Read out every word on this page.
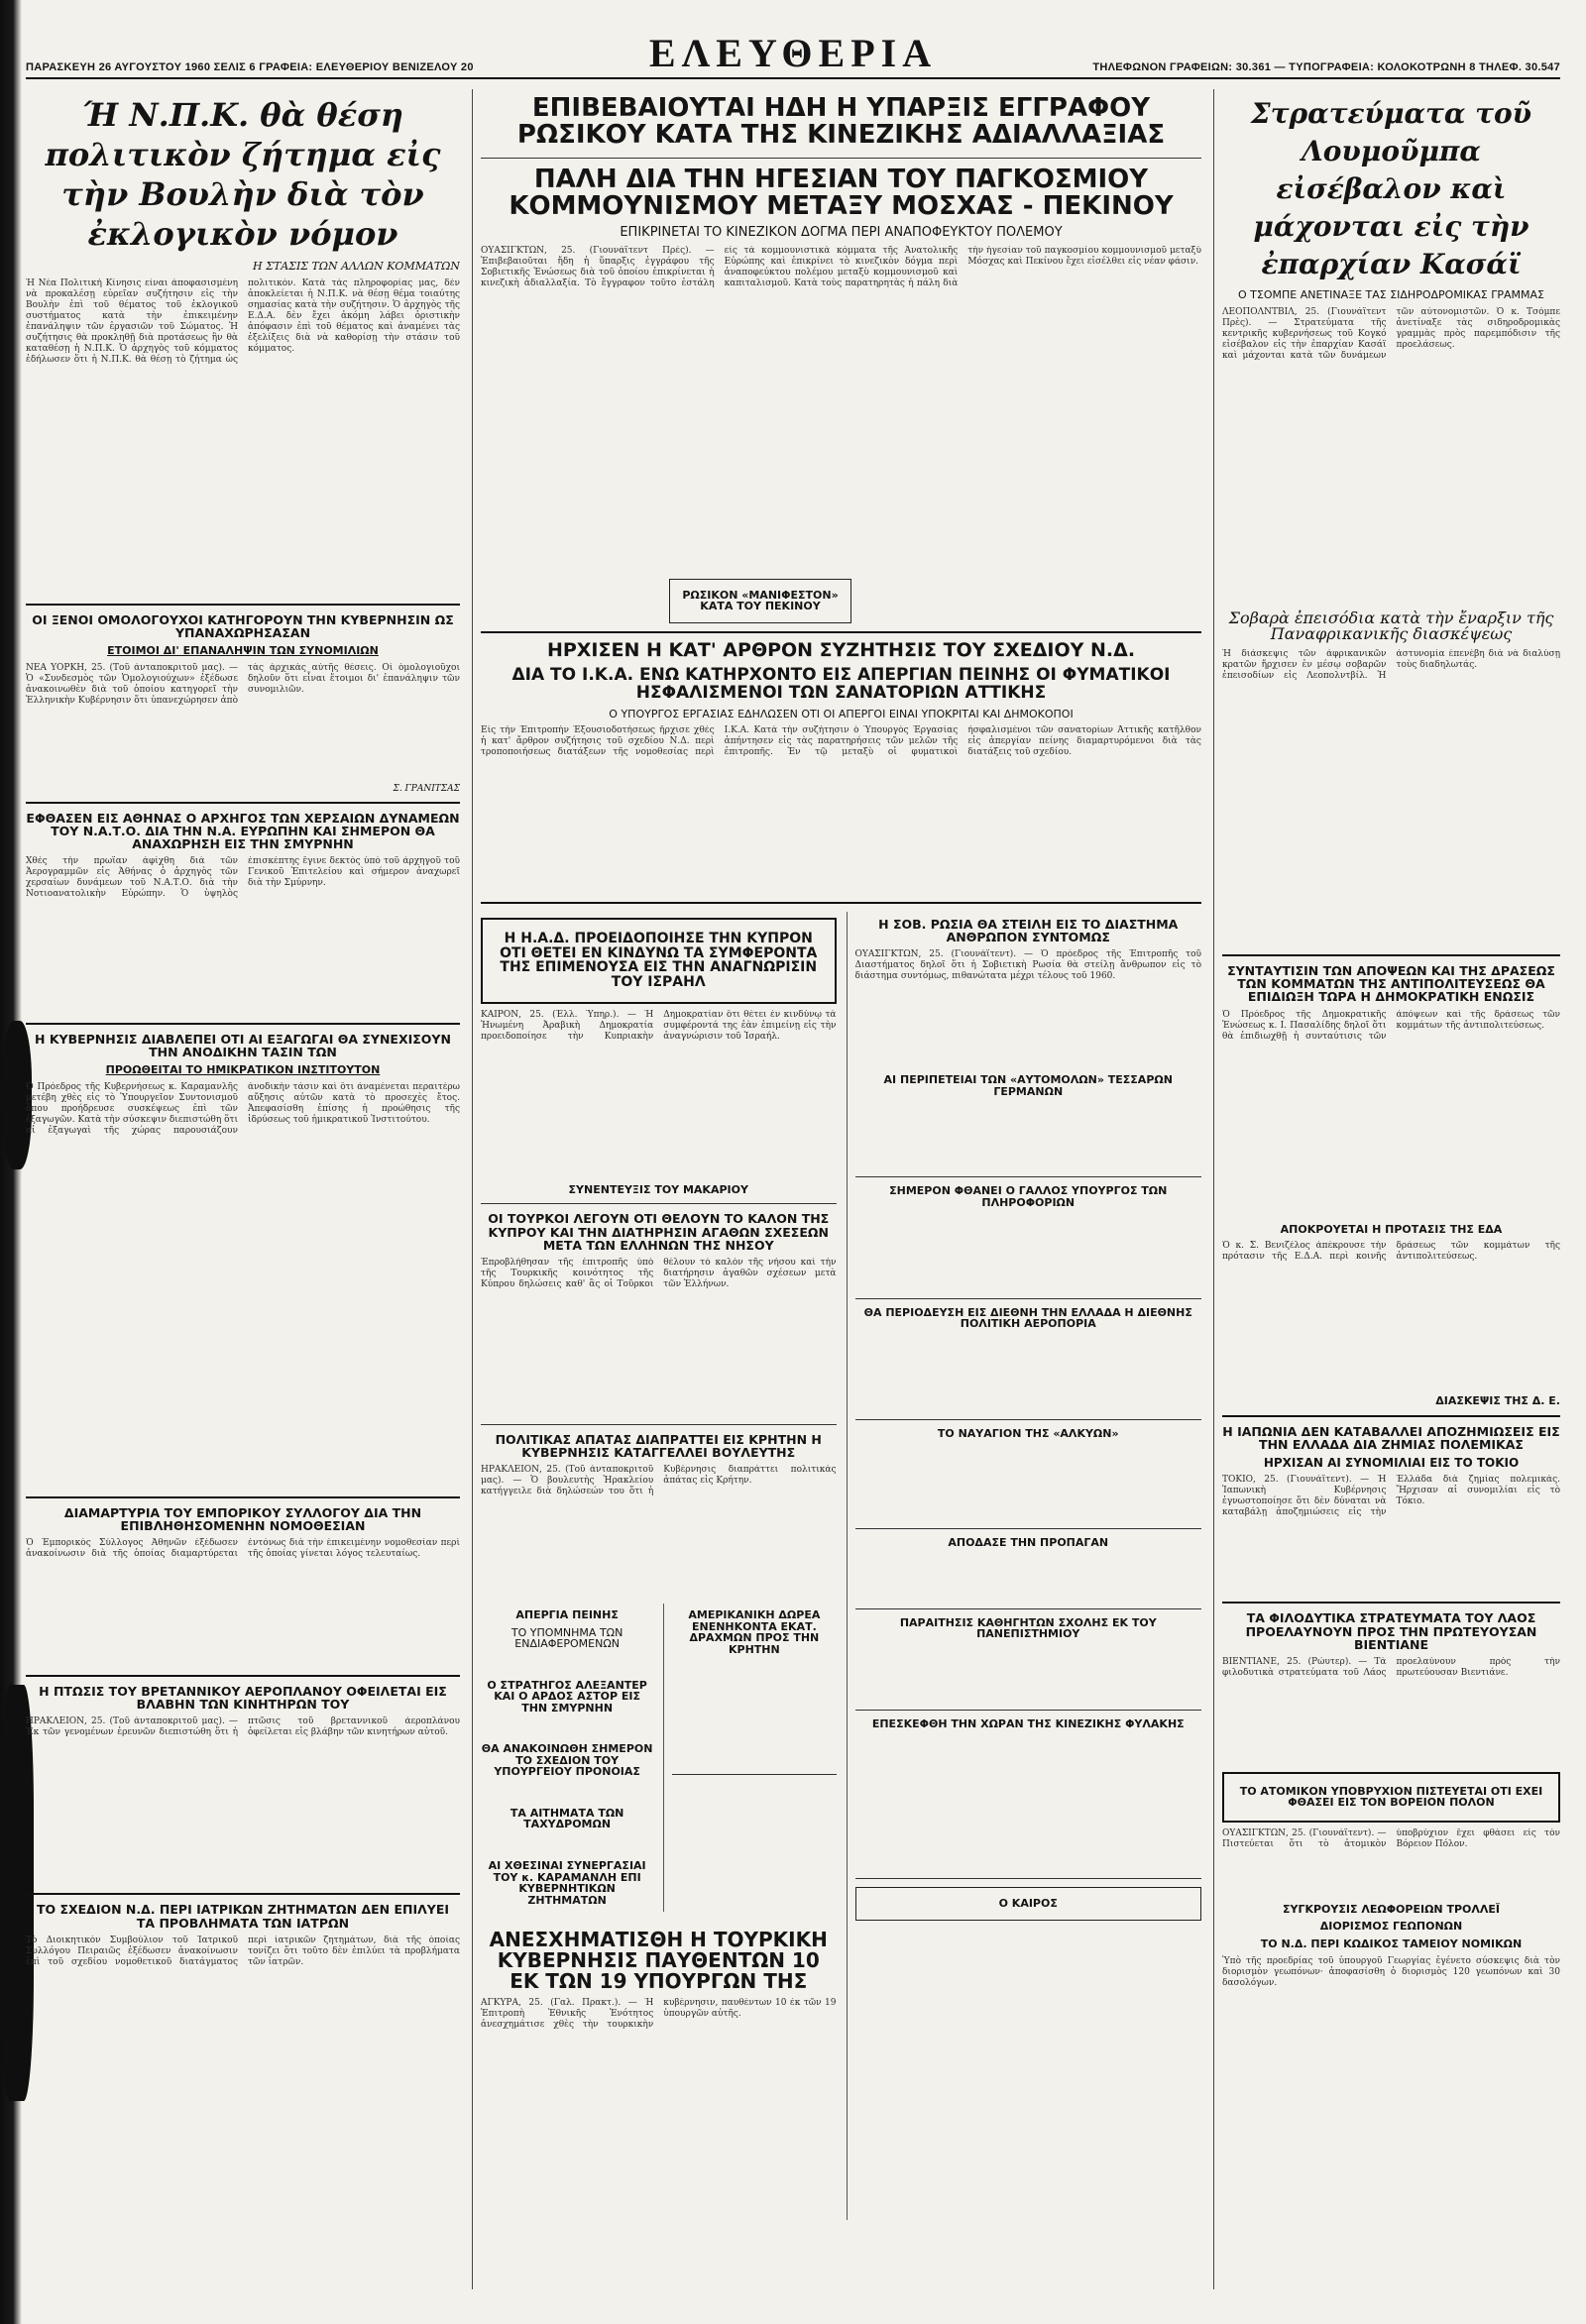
ΠΑΡΑΣΚΕΥΗ 26 ΑΥΓΟΥΣΤΟΥ 1960 ΣΕΛΙΣ 6 ΓΡΑΦΕΙΑ: ΕΛΕΥΘΕΡΙΟΥ ΒΕΝΙΖΕΛΟΥ 20	ΕΛΕΥΘΕΡΙΑ	ΤΗΛΕΦΩΝΟΝ ΓΡΑΦΕΙΩΝ: 30.361 — ΤΥΠΟΓΡΑΦΕΙΑ: ΚΟΛΟΚΟΤΡΩΝΗ 8 ΤΗΛΕΦ. 30.547
Ή Ν.Π.Κ. θὰ θέση πολιτικὸν ζήτημα εἰς τὴν Βουλὴν διὰ τὸν ἐκλογικὸν νόμον
Η ΣΤΑΣΙΣ ΤΩΝ ΑΛΛΩΝ ΚΟΜΜΑΤΩΝ
Ἡ Νέα Πολιτική Κίνησις εἶναι ἀποφασισμένη νὰ προκαλέσῃ εὑρεῖαν συζήτησιν εἰς τὴν Βουλὴν ἐπὶ τοῦ θέματος τοῦ ἐκλογικοῦ συστήματος κατὰ τὴν ἐπικειμένην ἐπανάληψιν τῶν ἐργασιῶν τοῦ Σώματος. Ἡ συζήτησις θὰ προκληθῇ διὰ προτάσεως ἣν θὰ καταθέσῃ ἡ Ν.Π.Κ. Ὁ ἀρχηγὸς τοῦ κόμματος ἐδήλωσεν ὅτι ἡ Ν.Π.Κ. θὰ θέσῃ τὸ ζήτημα ὡς πολιτικὸν. Κατὰ τὰς πληροφορίας μας, δὲν ἀποκλείεται ἡ Ν.Π.Κ. νὰ θέσῃ θέμα τοιαύτης σημασίας κατὰ τὴν συζήτησιν. Ὁ ἀρχηγὸς τῆς Ε.Δ.Α. δὲν ἔχει ἀκόμη λάβει ὁριστικὴν ἀπόφασιν ἐπὶ τοῦ θέματος καὶ ἀναμένει τὰς ἐξελίξεις διὰ νὰ καθορίσῃ τὴν στάσιν τοῦ κόμματος.
ΟΙ ΞΕΝΟΙ ΟΜΟΛΟΓΟΥΧΟΙ ΚΑΤΗΓΟΡΟΥΝ ΤΗΝ ΚΥΒΕΡΝΗΣΙΝ ΩΣ ΥΠΑΝΑΧΩΡΗΣΑΣΑΝ
ΕΤΟΙΜΟΙ ΔΙ' ΕΠΑΝΑΛΗΨΙΝ ΤΩΝ ΣΥΝΟΜΙΛΙΩΝ
ΝΕΑ ΥΟΡΚΗ, 25. (Τοῦ ἀνταποκριτοῦ μας). — Ὁ «Συνδεσμὸς τῶν Ὁμολογιούχων» ἐξέδωσε ἀνακοινωθὲν διὰ τοῦ ὁποίου κατηγορεῖ τὴν Ἑλληνικὴν Κυβέρνησιν ὅτι ὑπανεχώρησεν ἀπὸ τὰς ἀρχικὰς αὐτῆς θέσεις. Οἱ ὁμολογιοῦχοι δηλοῦν ὅτι εἶναι ἕτοιμοι δι' ἐπανάληψιν τῶν συνομιλιῶν.
Σ. ΓΡΑΝΙΤΣΑΣ
ΕΦΘΑΣΕΝ ΕΙΣ ΑΘΗΝΑΣ Ο ΑΡΧΗΓΟΣ ΤΩΝ ΧΕΡΣΑΙΩΝ ΔΥΝΑΜΕΩΝ ΤΟΥ Ν.Α.Τ.Ο. ΔΙΑ ΤΗΝ Ν.Α. ΕΥΡΩΠΗΝ ΚΑΙ ΣΗΜΕΡΟΝ ΘΑ ΑΝΑΧΩΡΗΣΗ ΕΙΣ ΤΗΝ ΣΜΥΡΝΗΝ
Χθὲς τὴν πρωΐαν ἀφίχθη διὰ τῶν Ἀερογραμμῶν εἰς Ἀθήνας ὁ ἀρχηγὸς τῶν χερσαίων δυνάμεων τοῦ Ν.Α.Τ.Ο. διὰ τὴν Νοτιοανατολικὴν Εὐρώπην. Ὁ ὑψηλὸς ἐπισκέπτης ἔγινε δεκτὸς ὑπὸ τοῦ ἀρχηγοῦ τοῦ Γενικοῦ Ἐπιτελείου καὶ σήμερον ἀναχωρεῖ διὰ τὴν Σμύρνην.
Η ΚΥΒΕΡΝΗΣΙΣ ΔΙΑΒΛΕΠΕΙ ΟΤΙ ΑΙ ΕΞΑΓΩΓΑΙ ΘΑ ΣΥΝΕΧΙΣΟΥΝ ΤΗΝ ΑΝΟΔΙΚΗΝ ΤΑΣΙΝ ΤΩΝ
ΠΡΟΩΘΕΙΤΑΙ ΤΟ ΗΜΙΚΡΑΤΙΚΟΝ ΙΝΣΤΙΤΟΥΤΟΝ
Ὁ Πρόεδρος τῆς Κυβερνήσεως κ. Καραμανλῆς μετέβη χθὲς εἰς τὸ Ὑπουργεῖον Συντονισμοῦ ὅπου προήδρευσε συσκέψεως ἐπὶ τῶν ἐξαγωγῶν. Κατὰ τὴν σύσκεψιν διεπιστώθη ὅτι αἱ ἐξαγωγαὶ τῆς χώρας παρουσιάζουν ἀνοδικὴν τάσιν καὶ ὅτι ἀναμένεται περαιτέρω αὔξησις αὐτῶν κατὰ τὸ προσεχὲς ἔτος. Ἀπεφασίσθη ἐπίσης ἡ προώθησις τῆς ἱδρύσεως τοῦ ἡμικρατικοῦ Ἰνστιτούτου.
ΔΙΑΜΑΡΤΥΡΙΑ ΤΟΥ ΕΜΠΟΡΙΚΟΥ ΣΥΛΛΟΓΟΥ ΔΙΑ ΤΗΝ ΕΠΙΒΛΗΘΗΣΟΜΕΝΗΝ ΝΟΜΟΘΕΣΙΑΝ
Ὁ Ἐμπορικὸς Σύλλογος Ἀθηνῶν ἐξέδωσεν ἀνακοίνωσιν διὰ τῆς ὁποίας διαμαρτύρεται ἐντόνως διὰ τὴν ἐπικειμένην νομοθεσίαν περὶ τῆς ὁποίας γίνεται λόγος τελευταίως.
Η ΠΤΩΣΙΣ ΤΟΥ ΒΡΕΤΑΝΝΙΚΟΥ ΑΕΡΟΠΛΑΝΟΥ ΟΦΕΙΛΕΤΑΙ ΕΙΣ ΒΛΑΒΗΝ ΤΩΝ ΚΙΝΗΤΗΡΩΝ ΤΟΥ
ΗΡΑΚΛΕΙΟΝ, 25. (Τοῦ ἀνταποκριτοῦ μας). — Ἐκ τῶν γενομένων ἐρευνῶν διεπιστώθη ὅτι ἡ πτῶσις τοῦ βρεταννικοῦ ἀεροπλάνου ὀφείλεται εἰς βλάβην τῶν κινητήρων αὐτοῦ.
ΤΟ ΣΧΕΔΙΟΝ Ν.Δ. ΠΕΡΙ ΙΑΤΡΙΚΩΝ ΖΗΤΗΜΑΤΩΝ ΔΕΝ ΕΠΙΛΥΕΙ ΤΑ ΠΡΟΒΛΗΜΑΤΑ ΤΩΝ ΙΑΤΡΩΝ
Τὸ Διοικητικὸν Συμβούλιον τοῦ Ἰατρικοῦ Συλλόγου Πειραιῶς ἐξέδωσεν ἀνακοίνωσιν ἐπὶ τοῦ σχεδίου νομοθετικοῦ διατάγματος περὶ ἰατρικῶν ζητημάτων, διὰ τῆς ὁποίας τονίζει ὅτι τοῦτο δὲν ἐπιλύει τὰ προβλήματα τῶν ἰατρῶν.
ΕΠΙΒΕΒΑΙΟΥΤΑΙ ΗΔΗ Η ΥΠΑΡΞΙΣ ΕΓΓΡΑΦΟΥ ΡΩΣΙΚΟΥ ΚΑΤΑ ΤΗΣ ΚΙΝΕΖΙΚΗΣ ΑΔΙΑΛΛΑΞΙΑΣ
ΠΑΛΗ ΔΙΑ ΤΗΝ ΗΓΕΣΙΑΝ ΤΟΥ ΠΑΓΚΟΣΜΙΟΥ ΚΟΜΜΟΥΝΙΣΜΟΥ ΜΕΤΑΞΥ ΜΟΣΧΑΣ - ΠΕΚΙΝΟΥ
ΕΠΙΚΡΙΝΕΤΑΙ ΤΟ ΚΙΝΕΖΙΚΟΝ ΔΟΓΜΑ ΠΕΡΙ ΑΝΑΠΟΦΕΥΚΤΟΥ ΠΟΛΕΜΟΥ
ΟΥΑΣΙΓΚΤΩΝ, 25. (Γιουνάϊτεντ Πρὲς). — Ἐπιβεβαιοῦται ἤδη ἡ ὕπαρξις ἐγγράφου τῆς Σοβιετικῆς Ἑνώσεως διὰ τοῦ ὁποίου ἐπικρίνεται ἡ κινεζικὴ ἀδιαλλαξία. Τὸ ἔγγραφον τοῦτο ἐστάλη εἰς τὰ κομμουνιστικὰ κόμματα τῆς Ἀνατολικῆς Εὐρώπης καὶ ἐπικρίνει τὸ κινεζικὸν δόγμα περὶ ἀναποφεύκτου πολέμου μεταξὺ κομμουνισμοῦ καὶ καπιταλισμοῦ. Κατὰ τοὺς παρατηρητὰς ἡ πάλη διὰ τὴν ἡγεσίαν τοῦ παγκοσμίου κομμουνισμοῦ μεταξὺ Μόσχας καὶ Πεκίνου ἔχει εἰσέλθει εἰς νέαν φάσιν.
ΡΩΣΙΚΟΝ «ΜΑΝΙΦΕΣΤΟΝ» ΚΑΤΑ ΤΟΥ ΠΕΚΙΝΟΥ
ΗΡΧΙΣΕΝ Η ΚΑΤ' ΑΡΘΡΟΝ ΣΥΖΗΤΗΣΙΣ ΤΟΥ ΣΧΕΔΙΟΥ Ν.Δ.
ΔΙΑ ΤΟ Ι.Κ.Α. ΕΝΩ ΚΑΤΗΡΧΟΝΤΟ ΕΙΣ ΑΠΕΡΓΙΑΝ ΠΕΙΝΗΣ ΟΙ ΦΥΜΑΤΙΚΟΙ ΗΣΦΑΛΙΣΜΕΝΟΙ ΤΩΝ ΣΑΝΑΤΟΡΙΩΝ ΑΤΤΙΚΗΣ
Ο ΥΠΟΥΡΓΟΣ ΕΡΓΑΣΙΑΣ ΕΔΗΛΩΣΕΝ ΟΤΙ ΟΙ ΑΠΕΡΓΟΙ ΕΙΝΑΙ ΥΠΟΚΡΙΤΑΙ ΚΑΙ ΔΗΜΟΚΟΠΟΙ
Εἰς τὴν Ἐπιτροπὴν Ἐξουσιοδοτήσεως ἤρχισε χθὲς ἡ κατ' ἄρθρον συζήτησις τοῦ σχεδίου Ν.Δ. περὶ τροποποιήσεως διατάξεων τῆς νομοθεσίας περὶ Ι.Κ.Α. Κατὰ τὴν συζήτησιν ὁ Ὑπουργὸς Ἐργασίας ἀπήντησεν εἰς τὰς παρατηρήσεις τῶν μελῶν τῆς ἐπιτροπῆς. Ἐν τῷ μεταξὺ οἱ φυματικοὶ ἠσφαλισμένοι τῶν σανατορίων Ἀττικῆς κατῆλθον εἰς ἀπεργίαν πείνης διαμαρτυρόμενοι διὰ τὰς διατάξεις τοῦ σχεδίου.
Η Η.Α.Δ. ΠΡΟΕΙΔΟΠΟΙΗΣΕ ΤΗΝ ΚΥΠΡΟΝ ΟΤΙ ΘΕΤΕΙ ΕΝ ΚΙΝΔΥΝΩ ΤΑ ΣΥΜΦΕΡΟΝΤΑ ΤΗΣ ΕΠΙΜΕΝΟΥΣΑ ΕΙΣ ΤΗΝ ΑΝΑΓΝΩΡΙΣΙΝ ΤΟΥ ΙΣΡΑΗΛ
ΚΑΪΡΟΝ, 25. (Ἑλλ. Ὑπηρ.). — Ἡ Ἡνωμένη Ἀραβικὴ Δημοκρατία προειδοποίησε τὴν Κυπριακὴν Δημοκρατίαν ὅτι θέτει ἐν κινδύνῳ τὰ συμφέροντά της ἐὰν ἐπιμείνῃ εἰς τὴν ἀναγνώρισιν τοῦ Ἰσραήλ.
ΣΥΝΕΝΤΕΥΞΙΣ ΤΟΥ ΜΑΚΑΡΙΟΥ
ΟΙ ΤΟΥΡΚΟΙ ΛΕΓΟΥΝ ΟΤΙ ΘΕΛΟΥΝ ΤΟ ΚΑΛΟΝ ΤΗΣ ΚΥΠΡΟΥ ΚΑΙ ΤΗΝ ΔΙΑΤΗΡΗΣΙΝ ΑΓΑΘΩΝ ΣΧΕΣΕΩΝ ΜΕΤΑ ΤΩΝ ΕΛΛΗΝΩΝ ΤΗΣ ΝΗΣΟΥ
Ἐπροβλήθησαν τῆς ἐπιτροπῆς ὑπὸ τῆς Τουρκικῆς κοινότητος τῆς Κύπρου δηλώσεις καθ' ἃς οἱ Τοῦρκοι θέλουν τὸ καλὸν τῆς νήσου καὶ τὴν διατήρησιν ἀγαθῶν σχέσεων μετὰ τῶν Ἑλλήνων.
ΠΟΛΙΤΙΚΑΣ ΑΠΑΤΑΣ ΔΙΑΠΡΑΤΤΕΙ ΕΙΣ ΚΡΗΤΗΝ Η ΚΥΒΕΡΝΗΣΙΣ ΚΑΤΑΓΓΕΛΛΕΙ ΒΟΥΛΕΥΤΗΣ
ΗΡΑΚΛΕΙΟΝ, 25. (Τοῦ ἀνταποκριτοῦ μας). — Ὁ βουλευτὴς Ἡρακλείου κατήγγειλε διὰ δηλώσεών του ὅτι ἡ Κυβέρνησις διαπράττει πολιτικὰς ἀπάτας εἰς Κρήτην.
ΑΠΕΡΓΙΑ ΠΕΙΝΗΣ
ΤΟ ΥΠΟΜΝΗΜΑ ΤΩΝ ΕΝΔΙΑΦΕΡΟΜΕΝΩΝ
Ο ΣΤΡΑΤΗΓΟΣ ΑΛΕΞΑΝΤΕΡ ΚΑΙ Ο ΑΡΔΟΣ ΑΣΤΟΡ ΕΙΣ ΤΗΝ ΣΜΥΡΝΗΝ
ΘΑ ΑΝΑΚΟΙΝΩΘΗ ΣΗΜΕΡΟΝ ΤΟ ΣΧΕΔΙΟΝ ΤΟΥ ΥΠΟΥΡΓΕΙΟΥ ΠΡΟΝΟΙΑΣ
ΤΑ ΑΙΤΗΜΑΤΑ ΤΩΝ ΤΑΧΥΔΡΟΜΩΝ
ΑΙ ΧΘΕΣΙΝΑΙ ΣΥΝΕΡΓΑΣΙΑΙ ΤΟΥ κ. ΚΑΡΑΜΑΝΛΗ ΕΠΙ ΚΥΒΕΡΝΗΤΙΚΩΝ ΖΗΤΗΜΑΤΩΝ
ΑΜΕΡΙΚΑΝΙΚΗ ΔΩΡΕΑ ΕΝΕΝΗΚΟΝΤΑ ΕΚΑΤ. ΔΡΑΧΜΩΝ ΠΡΟΣ ΤΗΝ ΚΡΗΤΗΝ
ΑΝΕΣΧΗΜΑΤΙΣΘΗ Η ΤΟΥΡΚΙΚΗ ΚΥΒΕΡΝΗΣΙΣ ΠΑΥΘΕΝΤΩΝ 10 ΕΚ ΤΩΝ 19 ΥΠΟΥΡΓΩΝ ΤΗΣ
ΑΓΚΥΡΑ, 25. (Γαλ. Πρακτ.). — Ἡ Ἐπιτροπὴ Ἐθνικῆς Ἑνότητος ἀνεσχημάτισε χθὲς τὴν τουρκικὴν κυβέρνησιν, παυθέντων 10 ἐκ τῶν 19 ὑπουργῶν αὐτῆς.
Η ΣΟΒ. ΡΩΣΙΑ ΘΑ ΣΤΕΙΛΗ ΕΙΣ ΤΟ ΔΙΑΣΤΗΜΑ ΑΝΘΡΩΠΟΝ ΣΥΝΤΟΜΩΣ
ΟΥΑΣΙΓΚΤΩΝ, 25. (Γιουνάϊτεντ). — Ὁ πρόεδρος τῆς Ἐπιτροπῆς τοῦ Διαστήματος δηλοῖ ὅτι ἡ Σοβιετικὴ Ρωσία θὰ στείλῃ ἄνθρωπον εἰς τὸ διάστημα συντόμως, πιθανώτατα μέχρι τέλους τοῦ 1960.
ΑΙ ΠΕΡΙΠΕΤΕΙΑΙ ΤΩΝ «ΑΥΤΟΜΟΛΩΝ» ΤΕΣΣΑΡΩΝ ΓΕΡΜΑΝΩΝ
ΣΗΜΕΡΟΝ ΦΘΑΝΕΙ Ο ΓΑΛΛΟΣ ΥΠΟΥΡΓΟΣ ΤΩΝ ΠΛΗΡΟΦΟΡΙΩΝ
ΘΑ ΠΕΡΙΟΔΕΥΣΗ ΕΙΣ ΔΙΕΘΝΗ ΤΗΝ ΕΛΛΑΔΑ Η ΔΙΕΘΝΗΣ ΠΟΛΙΤΙΚΗ ΑΕΡΟΠΟΡΙΑ
ΤΟ ΝΑΥΑΓΙΟΝ ΤΗΣ «ΑΛΚΥΩΝ»
ΑΠΟΔΑΣΕ ΤΗΝ ΠΡΟΠΑΓΑΝ
ΠΑΡΑΙΤΗΣΙΣ ΚΑΘΗΓΗΤΩΝ ΣΧΟΛΗΣ ΕΚ ΤΟΥ ΠΑΝΕΠΙΣΤΗΜΙΟΥ
ΕΠΕΣΚΕΦΘΗ ΤΗΝ ΧΩΡΑΝ ΤΗΣ ΚΙΝΕΖΙΚΗΣ ΦΥΛΑΚΗΣ
Ο ΚΑΙΡΟΣ
Στρατεύματα τοῦ Λουμοῦμπα εἰσέβαλον καὶ μάχονται εἰς τὴν ἐπαρχίαν Κασάϊ
Ο ΤΣΟΜΠΕ ΑΝΕΤΙΝΑΞΕ ΤΑΣ ΣΙΔΗΡΟΔΡΟΜΙΚΑΣ ΓΡΑΜΜΑΣ
ΛΕΟΠΟΛΝΤΒΙΛ, 25. (Γιουνάϊτεντ Πρὲς). — Στρατεύματα τῆς κεντρικῆς κυβερνήσεως τοῦ Κογκό εἰσέβαλον εἰς τὴν ἐπαρχίαν Κασάϊ καὶ μάχονται κατὰ τῶν δυνάμεων τῶν αὐτονομιστῶν. Ὁ κ. Τσόμπε ἀνετίναξε τὰς σιδηροδρομικὰς γραμμὰς πρὸς παρεμπόδισιν τῆς προελάσεως.
Σοβαρὰ ἐπεισόδια κατὰ τὴν ἔναρξιν τῆς Παναφρικανικῆς διασκέψεως
Ἡ διάσκεψις τῶν ἀφρικανικῶν κρατῶν ἤρχισεν ἐν μέσῳ σοβαρῶν ἐπεισοδίων εἰς Λεοπολντβίλ. Ἡ ἀστυνομία ἐπενέβη διὰ νὰ διαλύσῃ τοὺς διαδηλωτάς.
ΣΥΝΤΑΥΤΙΣΙΝ ΤΩΝ ΑΠΟΨΕΩΝ ΚΑΙ ΤΗΣ ΔΡΑΣΕΩΣ ΤΩΝ ΚΟΜΜΑΤΩΝ ΤΗΣ ΑΝΤΙΠΟΛΙΤΕΥΣΕΩΣ ΘΑ ΕΠΙΔΙΩΞΗ ΤΩΡΑ Η ΔΗΜΟΚΡΑΤΙΚΗ ΕΝΩΣΙΣ
Ὁ Πρόεδρος τῆς Δημοκρατικῆς Ἑνώσεως κ. Ι. Πασαλίδης δηλοῖ ὅτι θὰ ἐπιδιωχθῇ ἡ συνταύτισις τῶν ἀπόψεων καὶ τῆς δράσεως τῶν κομμάτων τῆς ἀντιπολιτεύσεως.
ΑΠΟΚΡΟΥΕΤΑΙ Η ΠΡΟΤΑΣΙΣ ΤΗΣ ΕΔΑ
Ὁ κ. Σ. Βενιζέλος ἀπέκρουσε τὴν πρότασιν τῆς Ε.Δ.Α. περὶ κοινῆς δράσεως τῶν κομμάτων τῆς ἀντιπολιτεύσεως.
ΔΙΑΣΚΕΨΙΣ ΤΗΣ Δ. Ε.
Η ΙΑΠΩΝΙΑ ΔΕΝ ΚΑΤΑΒΑΛΛΕΙ ΑΠΟΖΗΜΙΩΣΕΙΣ ΕΙΣ ΤΗΝ ΕΛΛΑΔΑ ΔΙΑ ΖΗΜΙΑΣ ΠΟΛΕΜΙΚΑΣ
ΗΡΧΙΣΑΝ ΑΙ ΣΥΝΟΜΙΛΙΑΙ ΕΙΣ ΤΟ ΤΟΚΙΟ
ΤΟΚΙΟ, 25. (Γιουνάϊτεντ). — Ἡ Ἰαπωνικὴ Κυβέρνησις ἐγνωστοποίησε ὅτι δὲν δύναται νὰ καταβάλῃ ἀποζημιώσεις εἰς τὴν Ἑλλάδα διὰ ζημίας πολεμικάς. Ἤρχισαν αἱ συνομιλίαι εἰς τὸ Τόκιο.
ΤΑ ΦΙΛΟΔΥΤΙΚΑ ΣΤΡΑΤΕΥΜΑΤΑ ΤΟΥ ΛΑΟΣ ΠΡΟΕΛΑΥΝΟΥΝ ΠΡΟΣ ΤΗΝ ΠΡΩΤΕΥΟΥΣΑΝ ΒΙΕΝΤΙΑΝΕ
ΒΙΕΝΤΙΑΝΕ, 25. (Ρώυτερ). — Τὰ φιλοδυτικὰ στρατεύματα τοῦ Λάος προελαύνουν πρὸς τὴν πρωτεύουσαν Βιεντιάνε.
ΤΟ ΑΤΟΜΙΚΟΝ ΥΠΟΒΡΥΧΙΟΝ ΠΙΣΤΕΥΕΤΑΙ ΟΤΙ ΕΧΕΙ ΦΘΑΣΕΙ ΕΙΣ ΤΟΝ ΒΟΡΕΙΟΝ ΠΟΛΟΝ
ΟΥΑΣΙΓΚΤΩΝ, 25. (Γιουνάϊτεντ). — Πιστεύεται ὅτι τὸ ἀτομικὸν ὑποβρύχιον ἔχει φθάσει εἰς τὸν Βόρειον Πόλον.
ΣΥΓΚΡΟΥΣΙΣ ΛΕΩΦΟΡΕΙΩΝ ΤΡΟΛΛΕΪ
ΔΙΟΡΙΣΜΟΣ ΓΕΩΠΟΝΩΝ
ΤΟ Ν.Δ. ΠΕΡΙ ΚΩΔΙΚΟΣ ΤΑΜΕΙΟΥ ΝΟΜΙΚΩΝ
Ὑπὸ τῆς προεδρίας τοῦ ὑπουργοῦ Γεωργίας ἐγένετο σύσκεψις διὰ τὸν διορισμὸν γεωπόνων· ἀποφασίσθη ὁ διορισμὸς 120 γεωπόνων καὶ 30 δασολόγων.
